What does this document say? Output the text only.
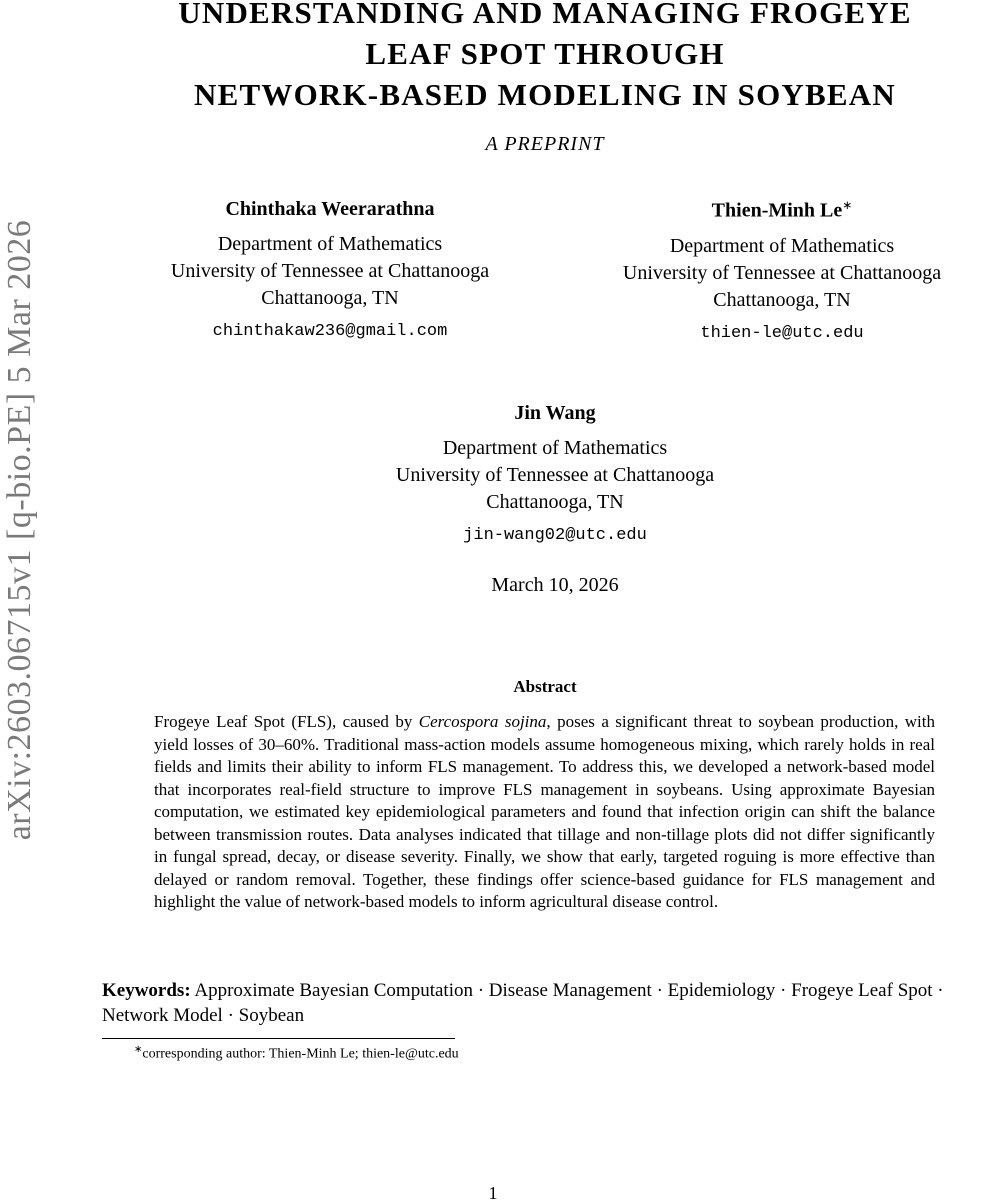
arXiv:2603.06715v1 [q-bio.PE] 5 Mar 2026
UNDERSTANDING AND MANAGING FROGEYE
LEAF SPOT THROUGH
NETWORK-BASED MODELING IN SOYBEAN
A PREPRINT
Chinthaka Weerarathna
Department of Mathematics
University of Tennessee at Chattanooga
Chattanooga, TN
chinthakaw236@gmail.com
Thien-Minh Le∗
Department of Mathematics
University of Tennessee at Chattanooga
Chattanooga, TN
thien-le@utc.edu
Jin Wang
Department of Mathematics
University of Tennessee at Chattanooga
Chattanooga, TN
jin-wang02@utc.edu
March 10, 2026
Abstract
Frogeye Leaf Spot (FLS), caused by Cercospora sojina, poses a significant threat to soybean production, with yield losses of 30–60%. Traditional mass-action models assume homogeneous mixing, which rarely holds in real fields and limits their ability to inform FLS management. To address this, we developed a network-based model that incorporates real-field structure to improve FLS management in soybeans. Using approximate Bayesian computation, we estimated key epidemiological parameters and found that infection origin can shift the balance between transmission routes. Data analyses indicated that tillage and non-tillage plots did not differ significantly in fungal spread, decay, or disease severity. Finally, we show that early, targeted roguing is more effective than delayed or random removal. Together, these findings offer science-based guidance for FLS management and highlight the value of network-based models to inform agricultural disease control.
Keywords: Approximate Bayesian Computation · Disease Management · Epidemiology · Frogeye Leaf Spot · Network Model · Soybean
∗corresponding author: Thien-Minh Le; thien-le@utc.edu
1
